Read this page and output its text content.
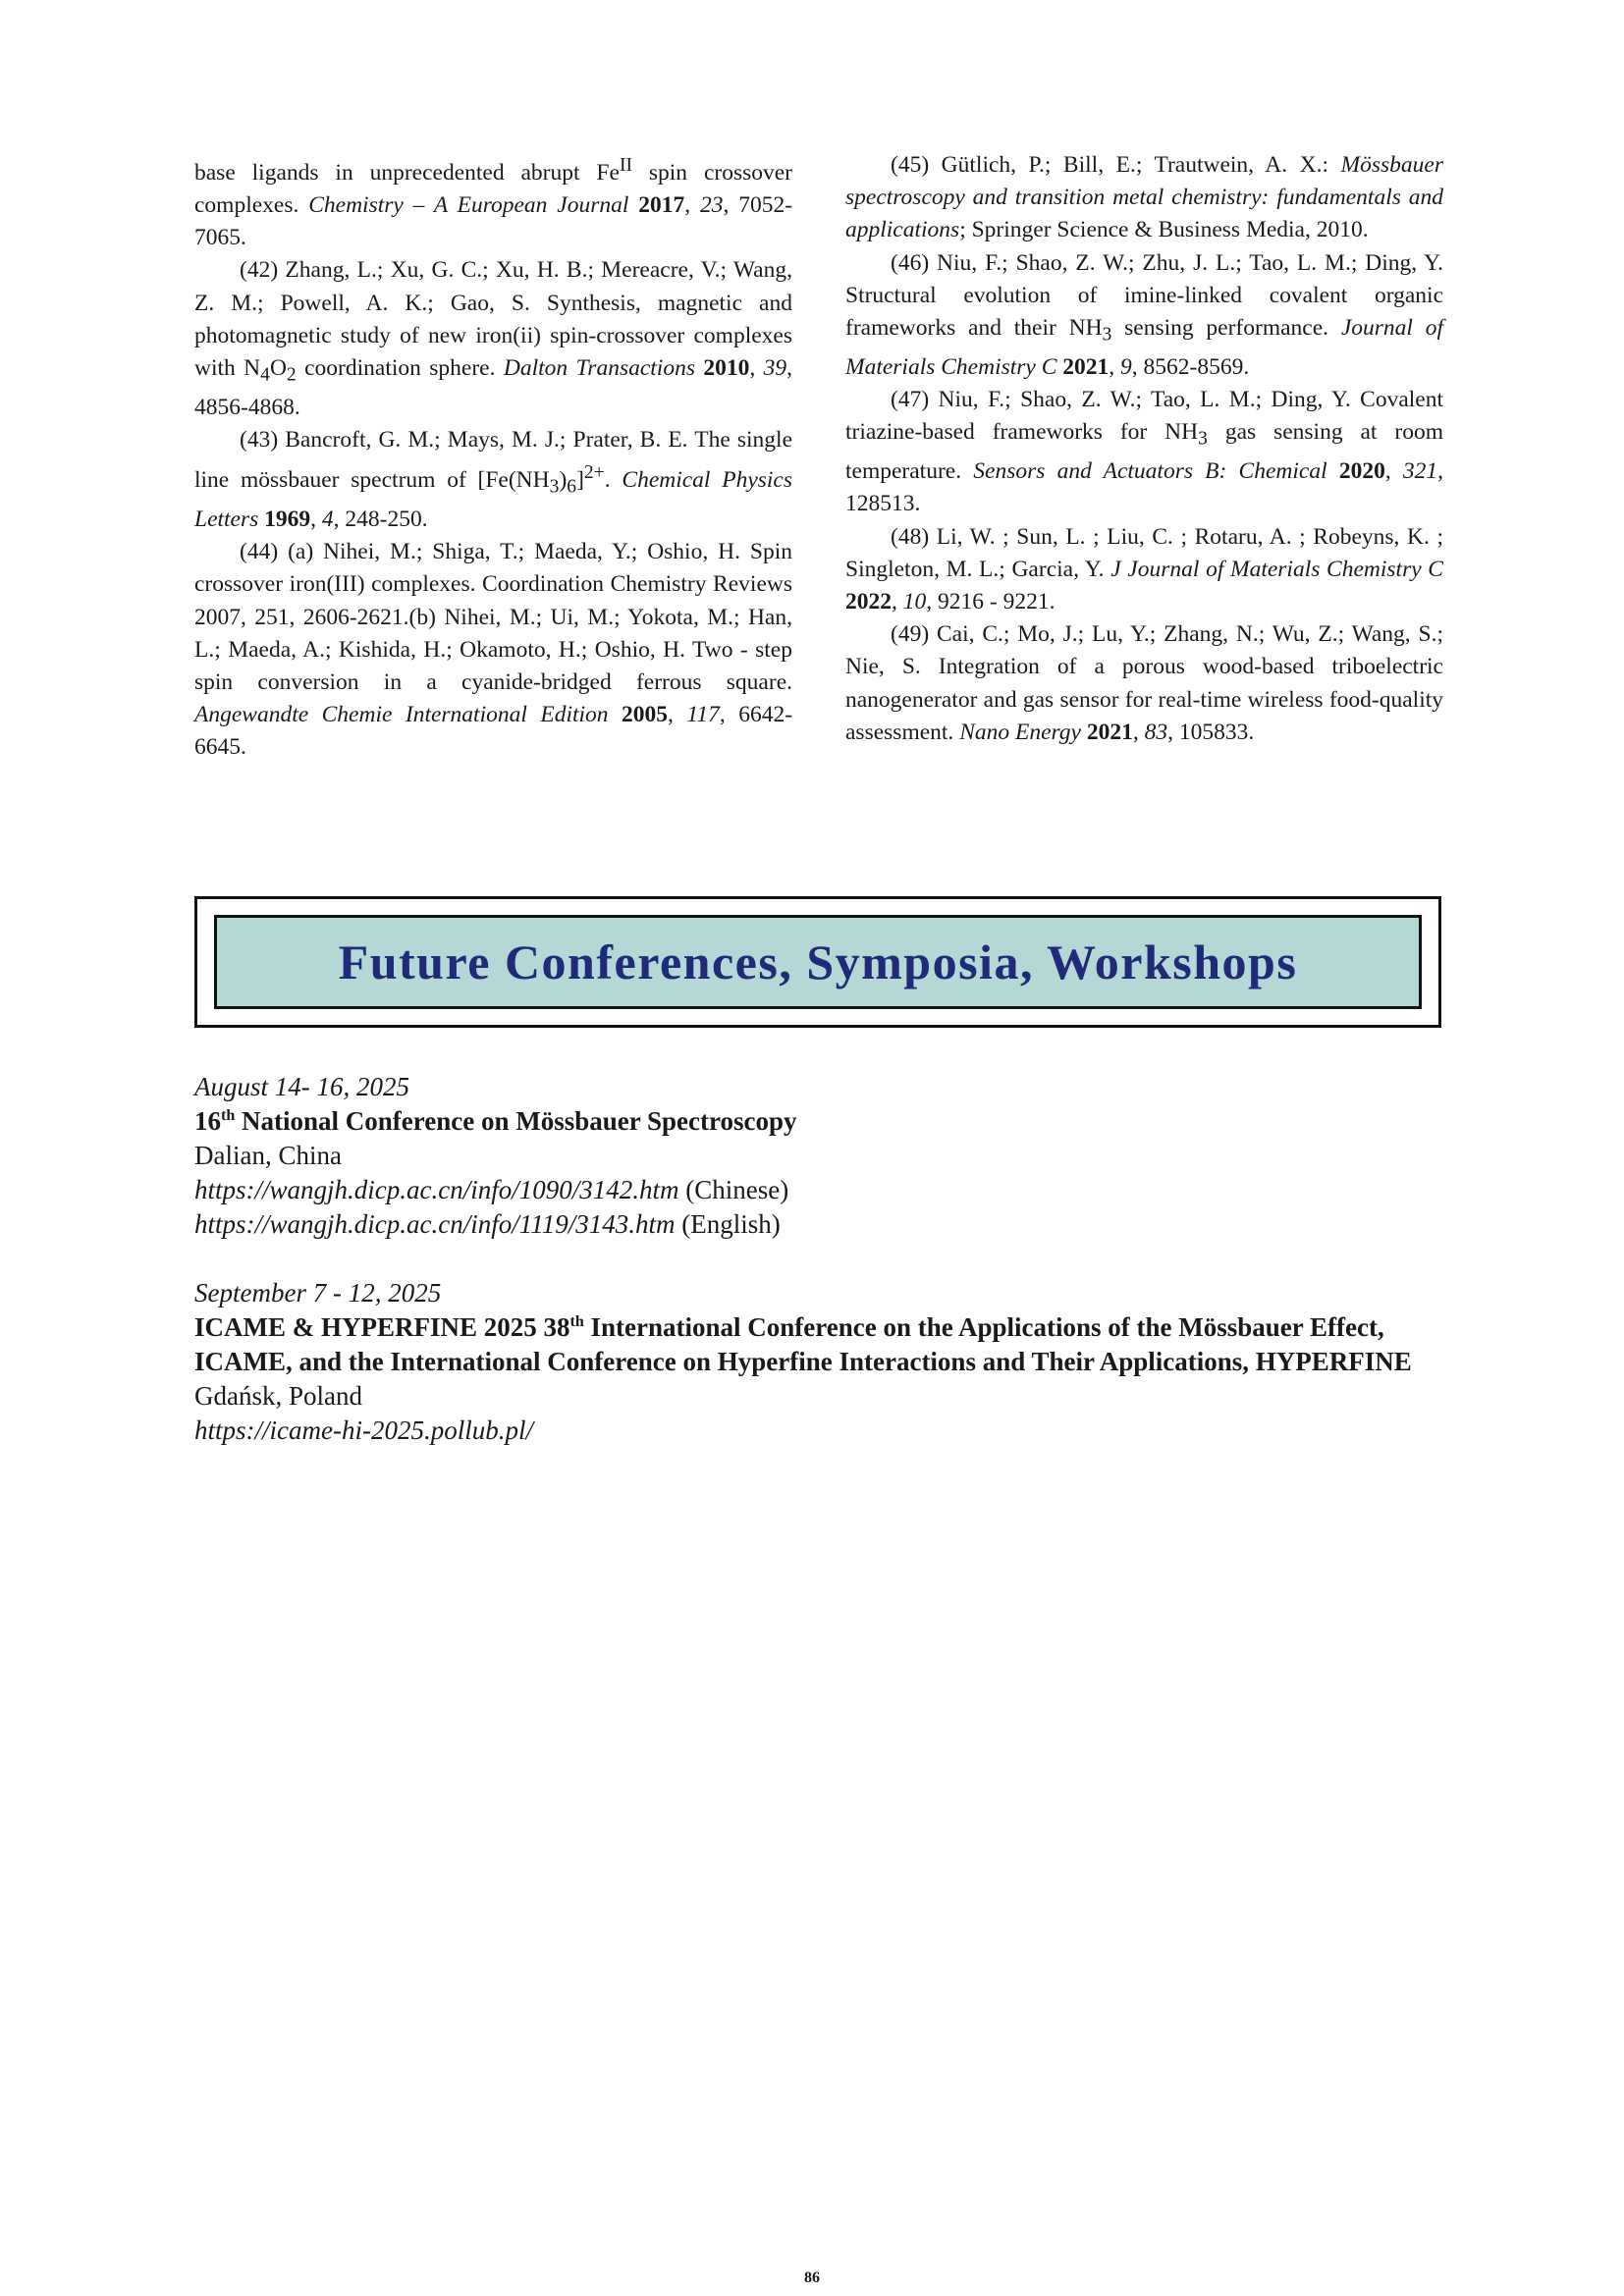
base ligands in unprecedented abrupt $Fe^{II}$ spin crossover complexes. Chemistry – A European Journal 2017, 23, 7052-7065.

(42) Zhang, L.; Xu, G. C.; Xu, H. B.; Mereacre, V.; Wang, Z. M.; Powell, A. K.; Gao, S. Synthesis, magnetic and photomagnetic study of new iron(ii) spin-crossover complexes with $N_4O_2$ coordination sphere. Dalton Transactions 2010, 39, 4856-4868.

(43) Bancroft, G. M.; Mays, M. J.; Prater, B. E. The single line mössbauer spectrum of $[Fe(NH_3)_6]^{2+}$. Chemical Physics Letters 1969, 4, 248-250.

(44) (a) Nihei, M.; Shiga, T.; Maeda, Y.; Oshio, H. Spin crossover iron(III) complexes. Coordination Chemistry Reviews 2007, 251, 2606-2621.(b) Nihei, M.; Ui, M.; Yokota, M.; Han, L.; Maeda, A.; Kishida, H.; Okamoto, H.; Oshio, H. Two - step spin conversion in a cyanide-bridged ferrous square. Angewandte Chemie International Edition 2005, 117, 6642-6645.

(45) Gütlich, P.; Bill, E.; Trautwein, A. X.: Mössbauer spectroscopy and transition metal chemistry: fundamentals and applications; Springer Science & Business Media, 2010.

(46) Niu, F.; Shao, Z. W.; Zhu, J. L.; Tao, L. M.; Ding, Y. Structural evolution of imine-linked covalent organic frameworks and their $NH_3$ sensing performance. Journal of Materials Chemistry C 2021, 9, 8562-8569.

(47) Niu, F.; Shao, Z. W.; Tao, L. M.; Ding, Y. Covalent triazine-based frameworks for $NH_3$ gas sensing at room temperature. Sensors and Actuators B: Chemical 2020, 321, 128513.

(48) Li, W. ; Sun, L. ; Liu, C. ; Rotaru, A. ; Robeyns, K. ; Singleton, M. L.; Garcia, Y. J Journal of Materials Chemistry C 2022, 10, 9216 - 9221.

(49) Cai, C.; Mo, J.; Lu, Y.; Zhang, N.; Wu, Z.; Wang, S.; Nie, S. Integration of a porous wood-based triboelectric nanogenerator and gas sensor for real-time wireless food-quality assessment. Nano Energy 2021, 83, 105833.

Future Conferences, Symposia, Workshops
August 14- 16, 2025
16th National Conference on Mössbauer Spectroscopy
Dalian, China
https://wangjh.dicp.ac.cn/info/1090/3142.htm (Chinese)
https://wangjh.dicp.ac.cn/info/1119/3143.htm (English)
September 7 - 12, 2025
ICAME & HYPERFINE 2025 38th International Conference on the Applications of the Mössbauer Effect, ICAME, and the International Conference on Hyperfine Interactions and Their Applications, HYPERFINE
Gdańsk, Poland
https://icame-hi-2025.pollub.pl/
86
